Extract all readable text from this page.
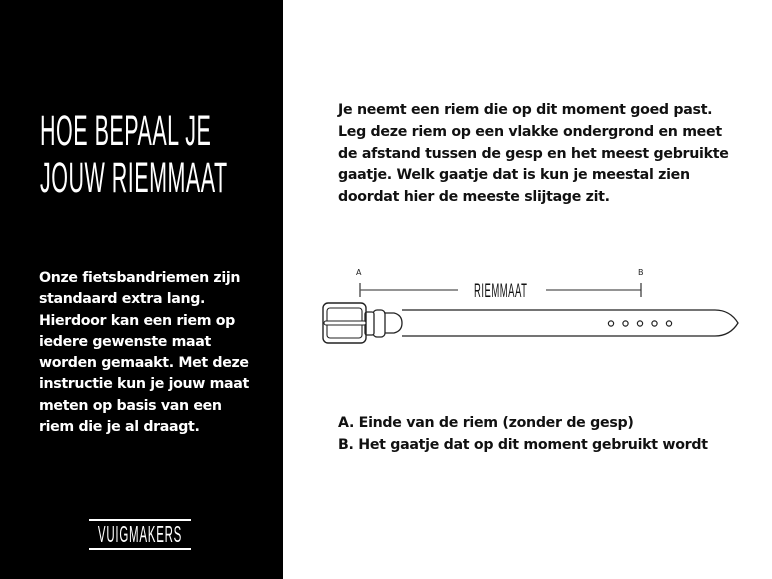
HOE BEPAAL JE
JOUW RIEMMAAT
Onze fietsbandriemen zijn
standaard extra lang.
Hierdoor kan een riem op
iedere gewenste maat
worden gemaakt. Met deze
instructie kun je jouw maat
meten op basis van een
riem die je al draagt.
VUIGMAKERS
Je neemt een riem die op dit moment goed past.
Leg deze riem op een vlakke ondergrond en meet
de afstand tussen de gesp en het meest gebruikte
gaatje. Welk gaatje dat is kun je meestal zien
doordat hier de meeste slijtage zit.
A	B
RIEMMAAT
A. Einde van de riem (zonder de gesp)
B. Het gaatje dat op dit moment gebruikt wordt
